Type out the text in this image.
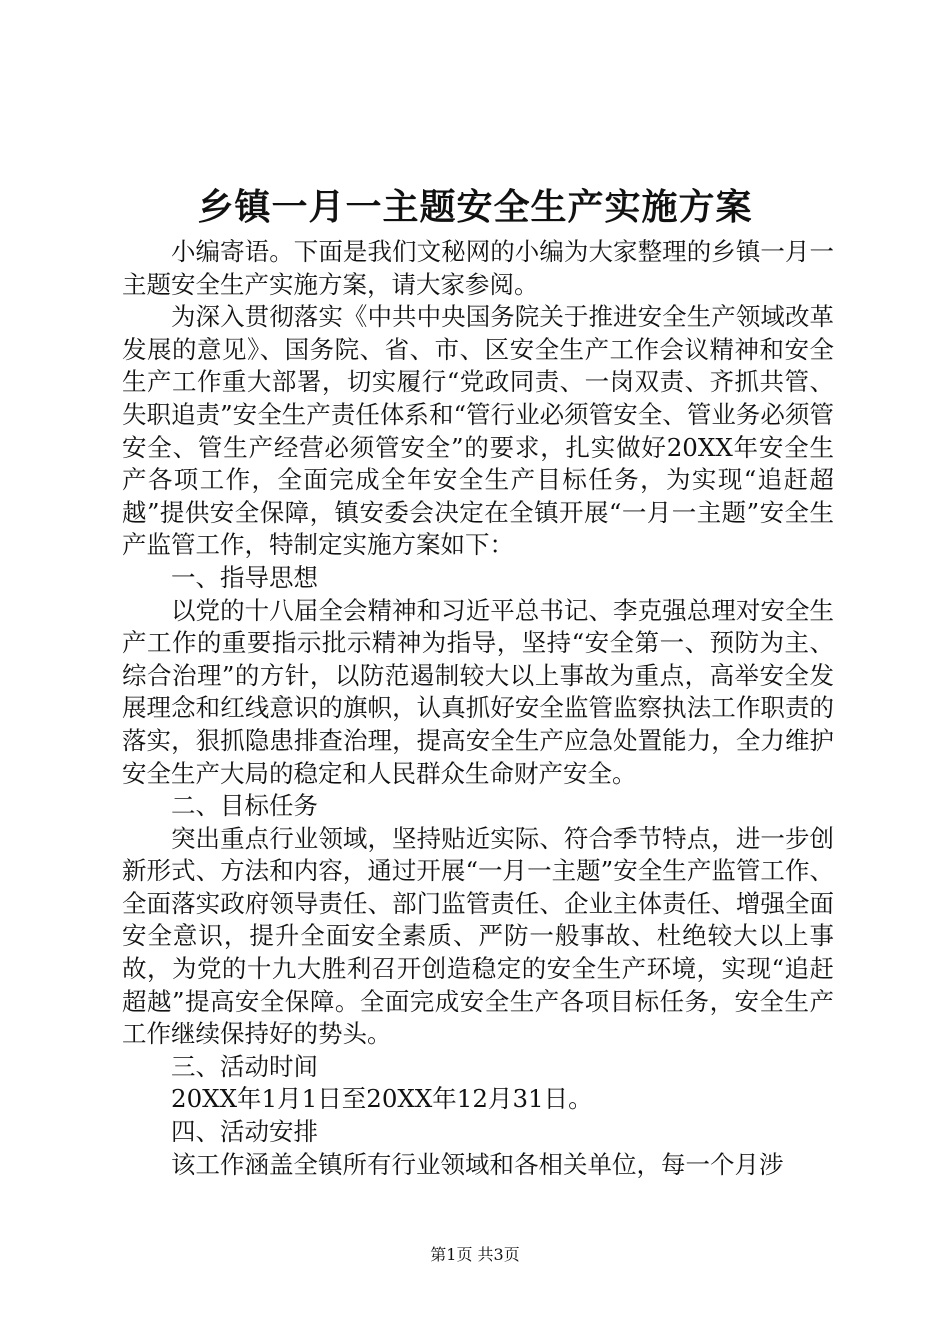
乡镇一月一主题安全生产实施方案

小编寄语。下面是我们文秘网的小编为大家整理的乡镇一月一主题安全生产实施方案，请大家参阅。

为深入贯彻落实《中共中央国务院关于推进安全生产领域改革发展的意见》、国务院、省、市、区安全生产工作会议精神和安全生产工作重大部署，切实履行“党政同责、一岗双责、齐抓共管、失职追责”安全生产责任体系和“管行业必须管安全、管业务必须管安全、管生产经营必须管安全”的要求，扎实做好20XX年安全生产各项工作，全面完成全年安全生产目标任务，为实现“追赶超越”提供安全保障，镇安委会决定在全镇开展“一月一主题”安全生产监管工作，特制定实施方案如下：

一、指导思想

以党的十八届全会精神和习近平总书记、李克强总理对安全生产工作的重要指示批示精神为指导，坚持“安全第一、预防为主、综合治理”的方针，以防范遏制较大以上事故为重点，高举安全发展理念和红线意识的旗帜，认真抓好安全监管监察执法工作职责的落实，狠抓隐患排查治理，提高安全生产应急处置能力，全力维护安全生产大局的稳定和人民群众生命财产安全。

二、目标任务

突出重点行业领域，坚持贴近实际、符合季节特点，进一步创新形式、方法和内容，通过开展“一月一主题”安全生产监管工作、全面落实政府领导责任、部门监管责任、企业主体责任、增强全面安全意识，提升全面安全素质、严防一般事故、杜绝较大以上事故，为党的十九大胜利召开创造稳定的安全生产环境，实现“追赶超越”提高安全保障。全面完成安全生产各项目标任务，安全生产工作继续保持好的势头。

三、活动时间

20XX年1月1日至20XX年12月31日。

四、活动安排

该工作涵盖全镇所有行业领域和各相关单位，每一个月涉

第1页 共3页
